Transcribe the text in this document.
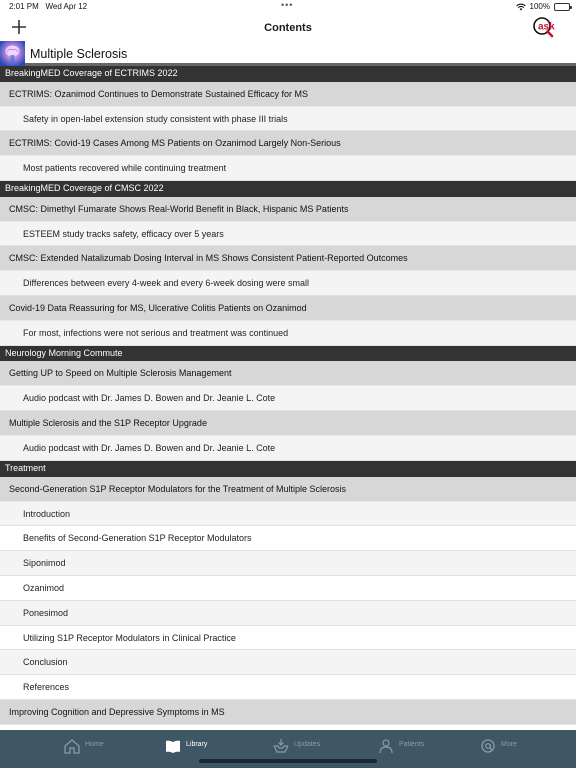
2:01 PM Wed Apr 12	•••	100%
Contents	ask
Multiple Sclerosis
BreakingMED Coverage of ECTRIMS 2022
ECTRIMS: Ozanimod Continues to Demonstrate Sustained Efficacy for MS
Safety in open-label extension study consistent with phase III trials
ECTRIMS: Covid-19 Cases Among MS Patients on Ozanimod Largely Non-Serious
Most patients recovered while continuing treatment
BreakingMED Coverage of CMSC 2022
CMSC: Dimethyl Fumarate Shows Real-World Benefit in Black, Hispanic MS Patients
ESTEEM study tracks safety, efficacy over 5 years
CMSC: Extended Natalizumab Dosing Interval in MS Shows Consistent Patient-Reported Outcomes
Differences between every 4-week and every 6-week dosing were small
Covid-19 Data Reassuring for MS, Ulcerative Colitis Patients on Ozanimod
For most, infections were not serious and treatment was continued
Neurology Morning Commute
Getting UP to Speed on Multiple Sclerosis Management
Audio podcast with Dr. James D. Bowen and Dr. Jeanie L. Cote
Multiple Sclerosis and the S1P Receptor Upgrade
Audio podcast with Dr. James D. Bowen and Dr. Jeanie L. Cote
Treatment
Second-Generation S1P Receptor Modulators for the Treatment of Multiple Sclerosis
Introduction
Benefits of Second-Generation S1P Receptor Modulators
Siponimod
Ozanimod
Ponesimod
Utilizing S1P Receptor Modulators in Clinical Practice
Conclusion
References
Improving Cognition and Depressive Symptoms in MS
Home	Library	Updates	Patients	More
